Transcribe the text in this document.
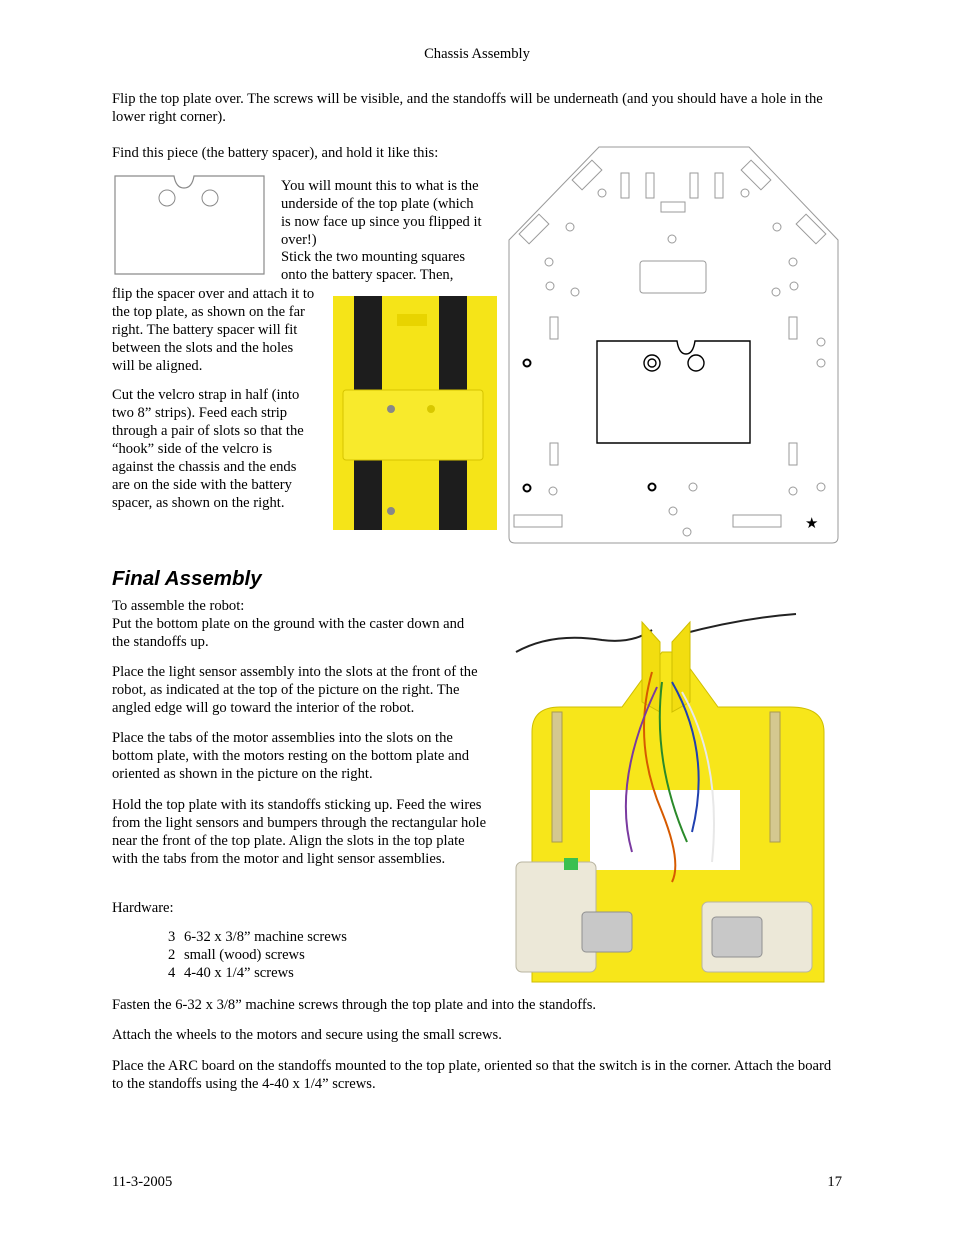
Chassis Assembly

Flip the top plate over. The screws will be visible, and the standoffs will be underneath (and you should have a hole in the lower right corner).

Find this piece (the battery spacer), and hold it like this:

You will mount this to what is the underside of the top plate (which is now face up since you flipped it over!)

Stick the two mounting squares onto the battery spacer. Then,

flip the spacer over and attach it to the top plate, as shown on the far right. The battery spacer will fit between the slots and the holes will be aligned.

Cut the velcro strap in half (into two 8” strips). Feed each strip through a pair of slots so that the “hook” side of the velcro is against the chassis and the ends are on the side with the battery spacer, as shown on the right.

★
Final Assembly

To assemble the robot:

Put the bottom plate on the ground with the caster down and the standoffs up.

Place the light sensor assembly into the slots at the front of the robot, as indicated at the top of the picture on the right. The angled edge will go toward the interior of the robot.

Place the tabs of the motor assemblies into the slots on the bottom plate, with the motors resting on the bottom plate and oriented as shown in the picture on the right.

Hold the top plate with its standoffs sticking up. Feed the wires from the light sensors and bumpers through the rectangular hole near the front of the top plate. Align the slots in the top plate with the tabs from the motor and light sensor assemblies.

Hardware:

3 6-32 x 3/8” machine screws
2 small (wood) screws
4 4-40 x 1/4” screws

Fasten the 6-32 x 3/8” machine screws through the top plate and into the standoffs.

Attach the wheels to the motors and secure using the small screws.

Place the ARC board on the standoffs mounted to the top plate, oriented so that the switch is in the corner. Attach the board to the standoffs using the 4-40 x 1/4” screws.

11-3-2005	17
